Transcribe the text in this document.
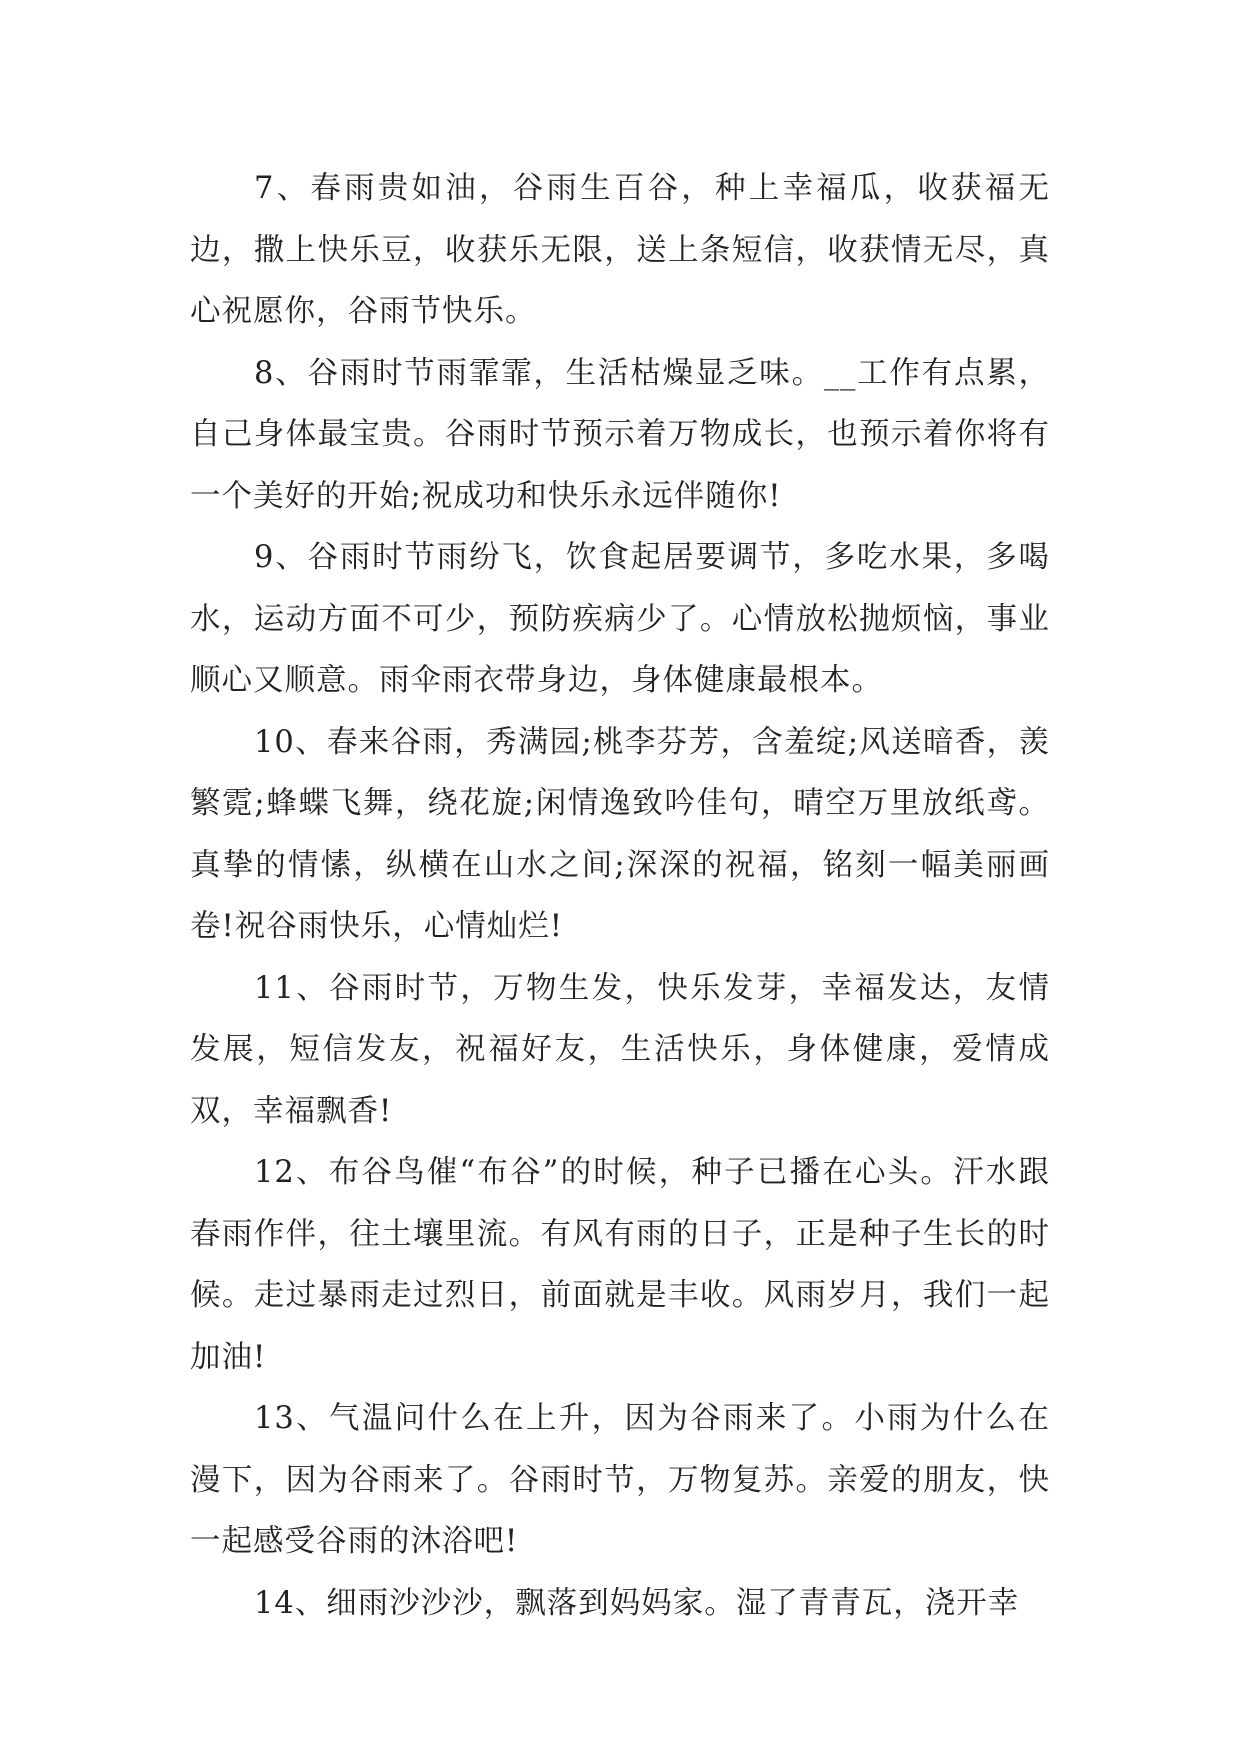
7、春雨贵如油，谷雨生百谷，种上幸福瓜，收获福无边，撒上快乐豆，收获乐无限，送上条短信，收获情无尽，真心祝愿你，谷雨节快乐。

8、谷雨时节雨霏霏，生活枯燥显乏味。__工作有点累，自己身体最宝贵。谷雨时节预示着万物成长，也预示着你将有一个美好的开始;祝成功和快乐永远伴随你!

9、谷雨时节雨纷飞，饮食起居要调节，多吃水果，多喝水，运动方面不可少，预防疾病少了。心情放松抛烦恼，事业顺心又顺意。雨伞雨衣带身边，身体健康最根本。

10、春来谷雨，秀满园;桃李芬芳，含羞绽;风送暗香，羡繁霓;蜂蝶飞舞，绕花旋;闲情逸致吟佳句，晴空万里放纸鸢。真挚的情愫，纵横在山水之间;深深的祝福，铭刻一幅美丽画卷!祝谷雨快乐，心情灿烂!

11、谷雨时节，万物生发，快乐发芽，幸福发达，友情发展，短信发友，祝福好友，生活快乐，身体健康，爱情成双，幸福飘香!

12、布谷鸟催“布谷”的时候，种子已播在心头。汗水跟春雨作伴，往土壤里流。有风有雨的日子，正是种子生长的时候。走过暴雨走过烈日，前面就是丰收。风雨岁月，我们一起加油!

13、气温问什么在上升，因为谷雨来了。小雨为什么在漫下，因为谷雨来了。谷雨时节，万物复苏。亲爱的朋友，快一起感受谷雨的沐浴吧!

14、细雨沙沙沙，飘落到妈妈家。湿了青青瓦，浇开幸
